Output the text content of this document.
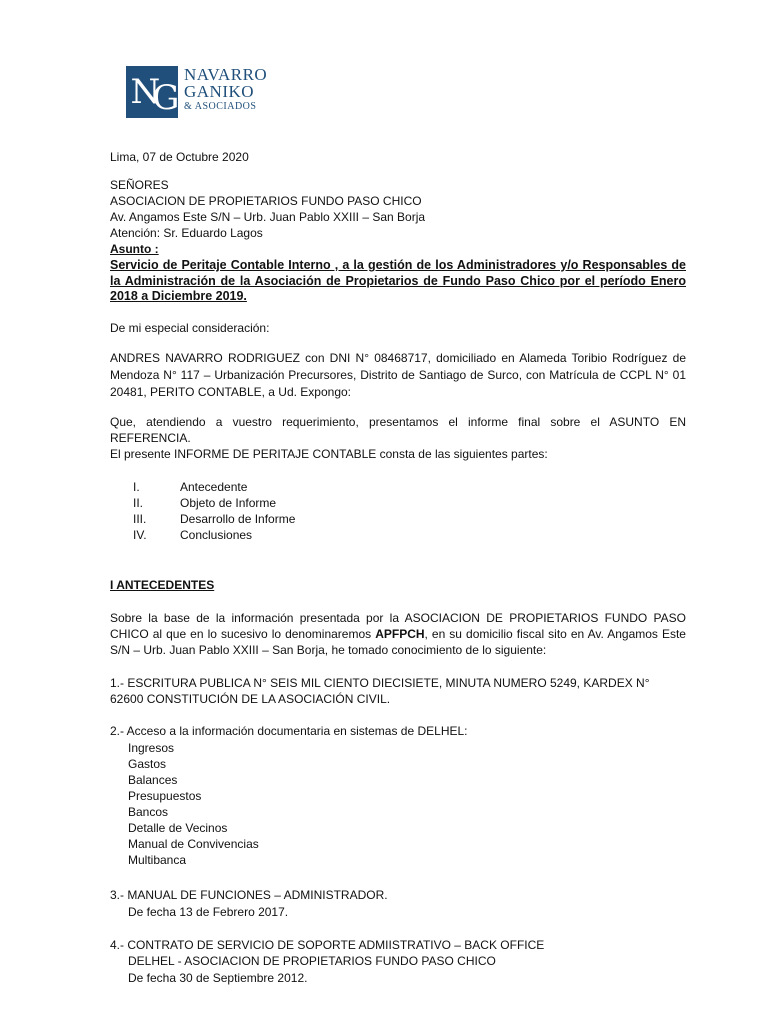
NG
NAVARRO
GANIKO
& ASOCIADOS

Lima, 07 de Octubre 2020

SEÑORES
ASOCIACION DE PROPIETARIOS FUNDO PASO CHICO
Av. Angamos Este S/N – Urb. Juan Pablo XXIII – San Borja
Atención: Sr. Eduardo Lagos
Asunto :

Servicio de Peritaje Contable Interno , a la gestión de los Administradores y/o Responsables de la Administración de la Asociación de Propietarios de Fundo Paso Chico por el período Enero 2018 a Diciembre 2019.

De mi especial consideración:

ANDRES NAVARRO RODRIGUEZ con DNI N° 08468717, domiciliado en Alameda Toribio Rodríguez de Mendoza N° 117 – Urbanización Precursores, Distrito de Santiago de Surco, con Matrícula de CCPL N° 01 20481, PERITO CONTABLE, a Ud. Expongo:

Que, atendiendo a vuestro requerimiento, presentamos el informe final sobre el ASUNTO EN REFERENCIA.

El presente INFORME DE PERITAJE CONTABLE consta de las siguientes partes:

I.	Antecedente
II.	Objeto de Informe
III.	Desarrollo de Informe
IV.	Conclusiones

I ANTECEDENTES

Sobre la base de la información presentada por la ASOCIACION DE PROPIETARIOS FUNDO PASO CHICO al que en lo sucesivo lo denominaremos APFPCH, en su domicilio fiscal sito en Av. Angamos Este S/N – Urb. Juan Pablo XXIII – San Borja, he tomado conocimiento de lo siguiente:

1.- ESCRITURA PUBLICA N° SEIS MIL CIENTO DIECISIETE, MINUTA NUMERO 5249, KARDEX N° 62600 CONSTITUCIÓN DE LA ASOCIACIÓN CIVIL.

2.- Acceso a la información documentaria en sistemas de DELHEL:

Ingresos
Gastos
Balances
Presupuestos
Bancos
Detalle de Vecinos
Manual de Convivencias
Multibanca

3.- MANUAL DE FUNCIONES – ADMINISTRADOR.

De fecha 13 de Febrero 2017.

4.- CONTRATO DE SERVICIO DE SOPORTE ADMIISTRATIVO – BACK OFFICE

DELHEL - ASOCIACION DE PROPIETARIOS FUNDO PASO CHICO

De fecha 30 de Septiembre 2012.
